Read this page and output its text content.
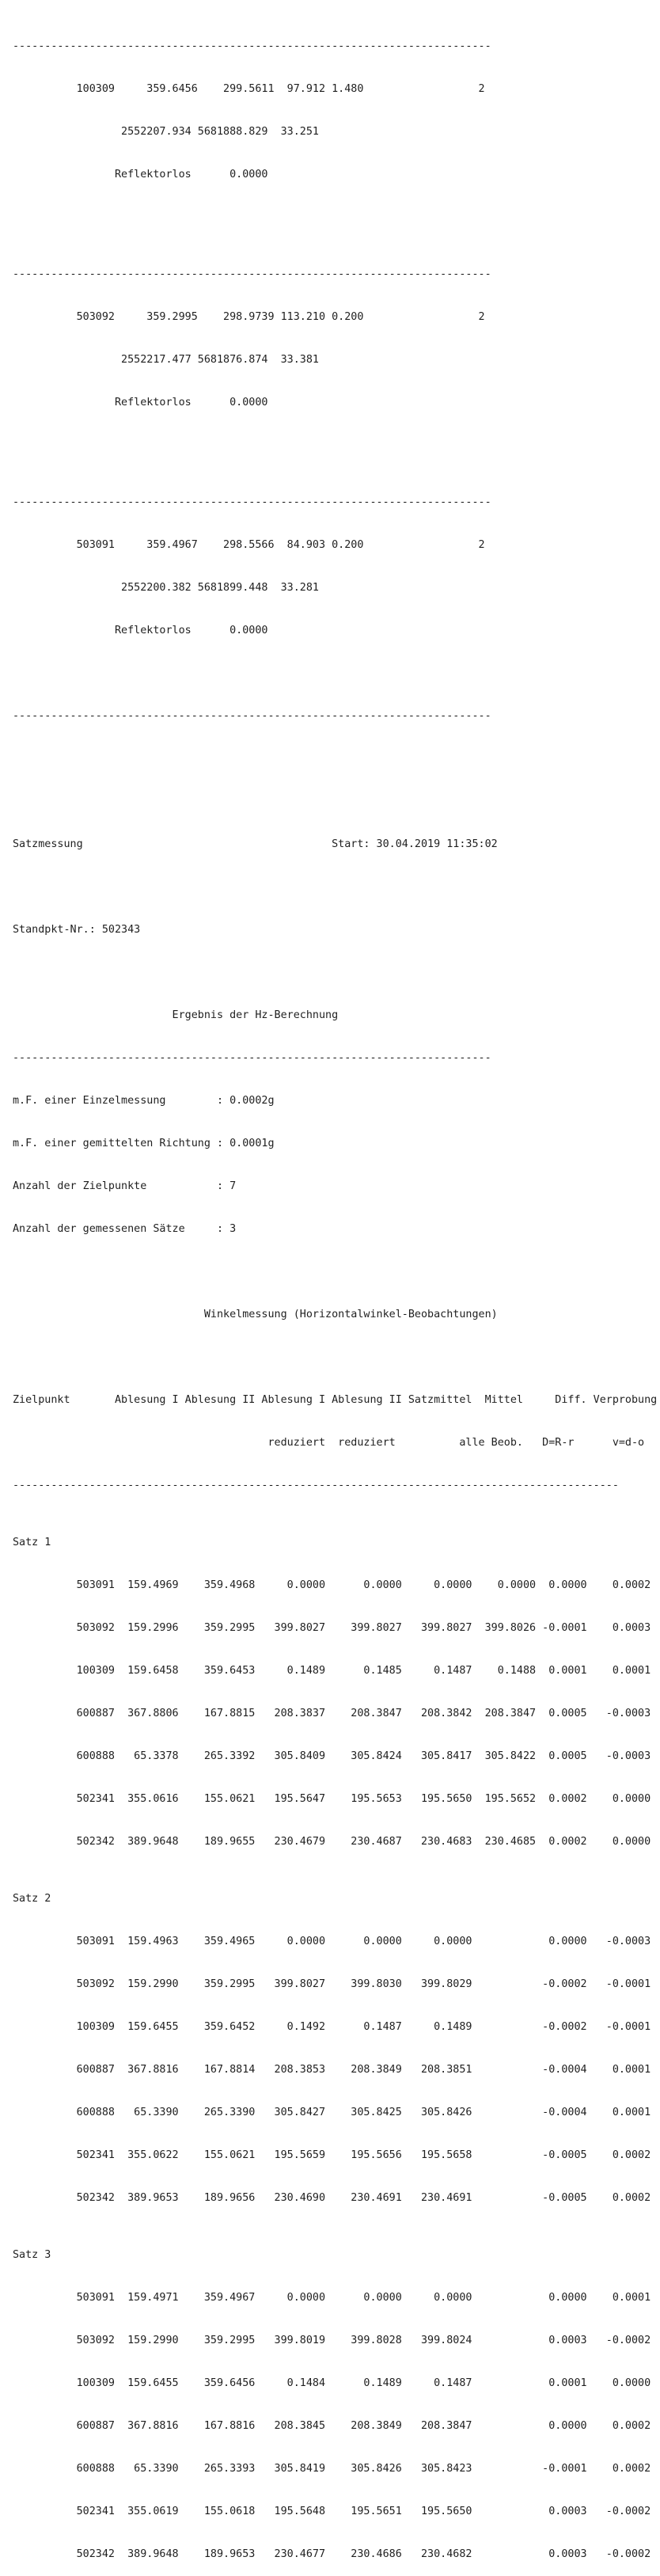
---------------------------------------------------------------------------

100309     359.6456    299.5611  97.912 1.480                  2

2552207.934 5681888.829  33.251

Reflektorlos      0.0000

---------------------------------------------------------------------------

503092     359.2995    298.9739 113.210 0.200                  2

2552217.477 5681876.874  33.381

Reflektorlos      0.0000

---------------------------------------------------------------------------

503091     359.4967    298.5566  84.903 0.200                  2

2552200.382 5681899.448  33.281

Reflektorlos      0.0000

---------------------------------------------------------------------------

Satzmessung                                       Start: 30.04.2019 11:35:02

Standpkt-Nr.: 502343

Ergebnis der Hz-Berechnung

---------------------------------------------------------------------------

m.F. einer Einzelmessung        : 0.0002g

m.F. einer gemittelten Richtung : 0.0001g

Anzahl der Zielpunkte           : 7

Anzahl der gemessenen Sätze     : 3

Winkelmessung (Horizontalwinkel-Beobachtungen)

Zielpunkt       Ablesung I Ablesung II Ablesung I Ablesung II Satzmittel  Mittel     Diff. Verprobung

reduziert  reduziert          alle Beob.   D=R-r      v=d-o

-----------------------------------------------------------------------------------------------

Satz 1

503091  159.4969    359.4968     0.0000      0.0000     0.0000    0.0000  0.0000    0.0002

503092  159.2996    359.2995   399.8027    399.8027   399.8027  399.8026 -0.0001    0.0003

100309  159.6458    359.6453     0.1489      0.1485     0.1487    0.1488  0.0001    0.0001

600887  367.8806    167.8815   208.3837    208.3847   208.3842  208.3847  0.0005   -0.0003

600888   65.3378    265.3392   305.8409    305.8424   305.8417  305.8422  0.0005   -0.0003

502341  355.0616    155.0621   195.5647    195.5653   195.5650  195.5652  0.0002    0.0000

502342  389.9648    189.9655   230.4679    230.4687   230.4683  230.4685  0.0002    0.0000

Satz 2

503091  159.4963    359.4965     0.0000      0.0000     0.0000            0.0000   -0.0003

503092  159.2990    359.2995   399.8027    399.8030   399.8029           -0.0002   -0.0001

100309  159.6455    359.6452     0.1492      0.1487     0.1489           -0.0002   -0.0001

600887  367.8816    167.8814   208.3853    208.3849   208.3851           -0.0004    0.0001

600888   65.3390    265.3390   305.8427    305.8425   305.8426           -0.0004    0.0001

502341  355.0622    155.0621   195.5659    195.5656   195.5658           -0.0005    0.0002

502342  389.9653    189.9656   230.4690    230.4691   230.4691           -0.0005    0.0002

Satz 3

503091  159.4971    359.4967     0.0000      0.0000     0.0000            0.0000    0.0001

503092  159.2990    359.2995   399.8019    399.8028   399.8024            0.0003   -0.0002

100309  159.6455    359.6456     0.1484      0.1489     0.1487            0.0001    0.0000

600887  367.8816    167.8816   208.3845    208.3849   208.3847            0.0000    0.0002

600888   65.3390    265.3393   305.8419    305.8426   305.8423           -0.0001    0.0002

502341  355.0619    155.0618   195.5648    195.5651   195.5650            0.0003   -0.0002

502342  389.9648    189.9653   230.4677    230.4686   230.4682            0.0003   -0.0002
